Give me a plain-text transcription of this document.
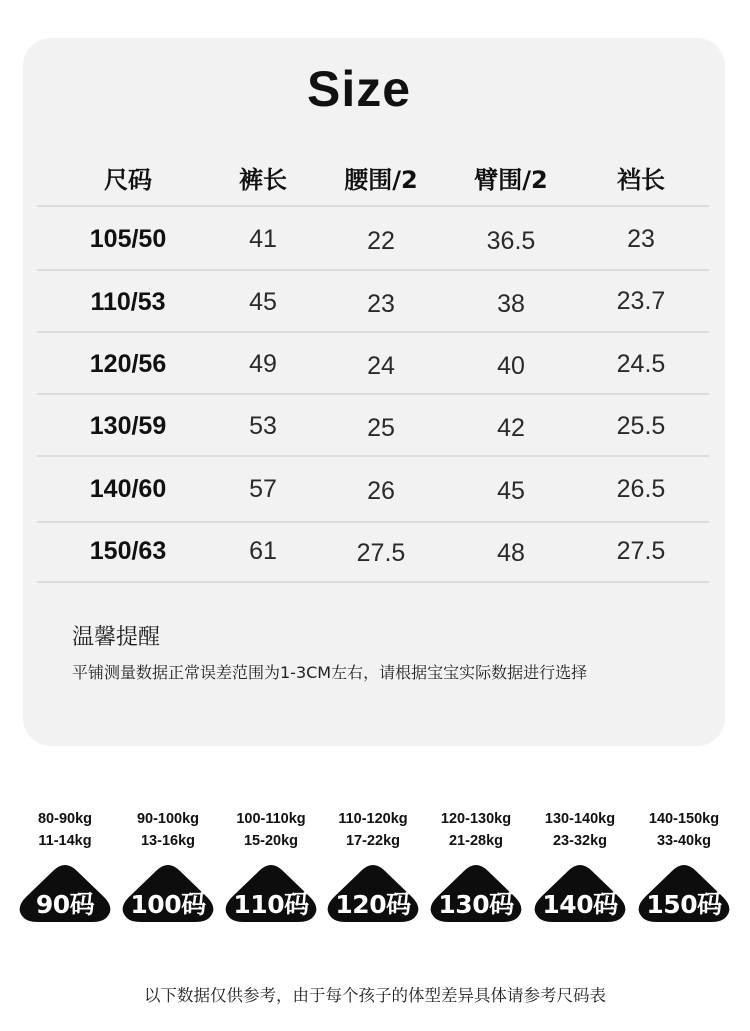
Size
尺码	裤长	腰围/2	臂围/2	裆长
105/50	41	22	36.5	23
110/53	45	23	38	23.7
120/56	49	24	40	24.5
130/59	53	25	42	25.5
140/60	57	26	45	26.5
150/63	61	27.5	48	27.5
温馨提醒
平铺测量数据正常误差范围为1-3CM左右，请根据宝宝实际数据进行选择
80-90kg
11-14kg
90-100kg
13-16kg
100-110kg
15-20kg
110-120kg
17-22kg
120-130kg
21-28kg
130-140kg
23-32kg
140-150kg
33-40kg
90码	100码	110码	120码	130码	140码	150码
以下数据仅供参考，由于每个孩子的体型差异具体请参考尺码表
